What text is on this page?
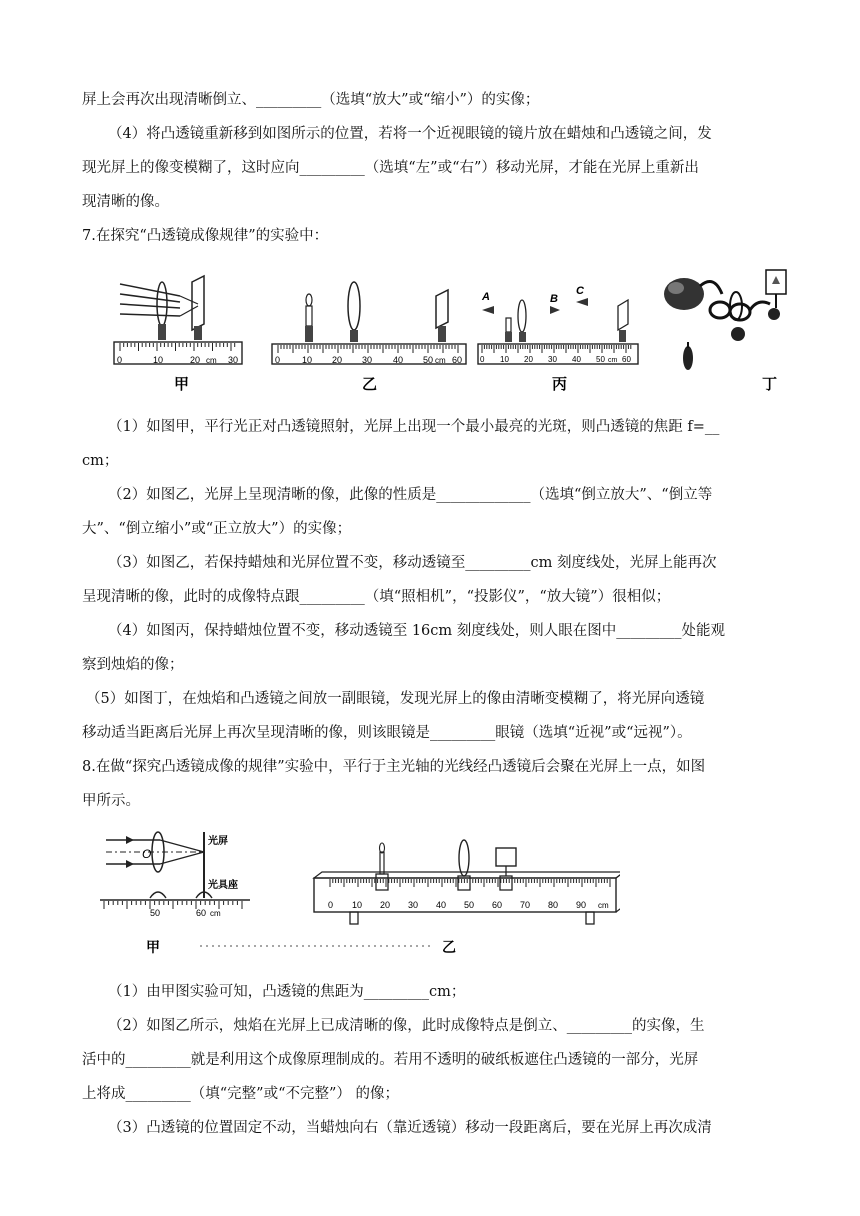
屏上会再次出现清晰倒立、_________（选填“放大”或“缩小”）的实像；
（4）将凸透镜重新移到如图所示的位置，若将一个近视眼镜的镜片放在蜡烛和凸透镜之间，发
现光屏上的像变模糊了，这时应向_________（选填“左”或“右”）移动光屏，才能在光屏上重新出
现清晰的像。
7.在探究“凸透镜成像规律”的实验中：
0	10	20 cm 30
甲
0 10 20 30 40 50 cm 60
乙
A	B
C
0 10 20 30 40 50 cm 60
丙	丁
（1）如图甲，平行光正对凸透镜照射，光屏上出现一个最小最亮的光斑，则凸透镜的焦距 f=__
cm；
（2）如图乙，光屏上呈现清晰的像，此像的性质是_____________（选填“倒立放大”、“倒立等
大”、“倒立缩小”或“正立放大”）的实像；
（3）如图乙，若保持蜡烛和光屏位置不变，移动透镜至_________cm 刻度线处，光屏上能再次
呈现清晰的像，此时的成像特点跟_________（填“照相机”，“投影仪”，“放大镜”）很相似；
（4）如图丙，保持蜡烛位置不变，移动透镜至 16cm 刻度线处，则人眼在图中_________处能观
察到烛焰的像；
（5）如图丁，在烛焰和凸透镜之间放一副眼镜，发现光屏上的像由清晰变模糊了，将光屏向透镜
移动适当距离后光屏上再次呈现清晰的像，则该眼镜是_________眼镜（选填“近视”或“远视”）。
8.在做“探究凸透镜成像的规律”实验中，平行于主光轴的光线经凸透镜后会聚在光屏上一点，如图
甲所示。
O
光屏
光具座
50	60 cm
甲
0 10 20 30 40 50 60 70 80 90 cm
乙
（1）由甲图实验可知，凸透镜的焦距为_________cm；
（2）如图乙所示，烛焰在光屏上已成清晰的像，此时成像特点是倒立、_________的实像，生
活中的_________就是利用这个成像原理制成的。若用不透明的破纸板遮住凸透镜的一部分，光屏
上将成_________（填“完整”或“不完整”） 的像；
（3）凸透镜的位置固定不动，当蜡烛向右（靠近透镜）移动一段距离后，要在光屏上再次成清
